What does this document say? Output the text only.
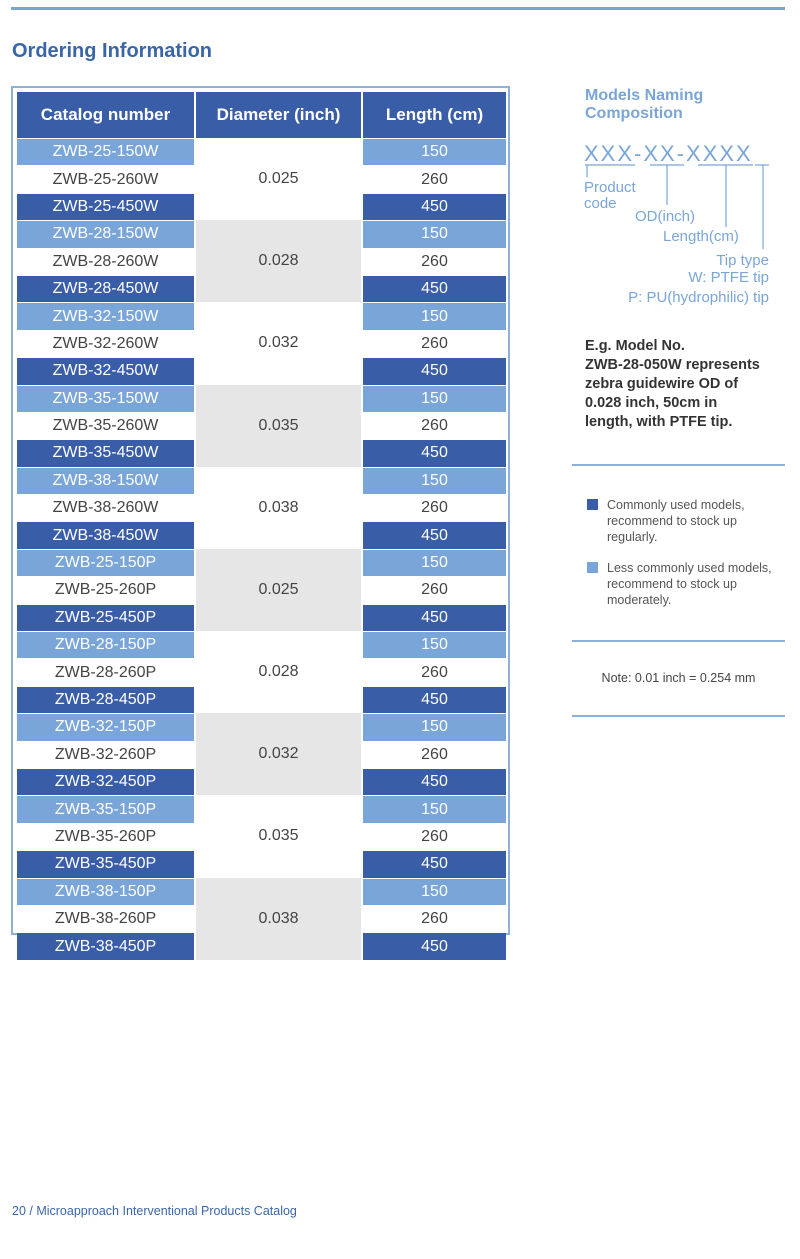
Ordering Information
Catalog number	Diameter (inch)	Length (cm)
ZWB-25-150W	0.025	150
ZWB-25-260W		260
ZWB-25-450W		450
ZWB-28-150W	0.028	150
ZWB-28-260W		260
ZWB-28-450W		450
ZWB-32-150W	0.032	150
ZWB-32-260W		260
ZWB-32-450W		450
ZWB-35-150W	0.035	150
ZWB-35-260W		260
ZWB-35-450W		450
ZWB-38-150W	0.038	150
ZWB-38-260W		260
ZWB-38-450W		450
ZWB-25-150P	0.025	150
ZWB-25-260P		260
ZWB-25-450P		450
ZWB-28-150P	0.028	150
ZWB-28-260P		260
ZWB-28-450P		450
ZWB-32-150P	0.032	150
ZWB-32-260P		260
ZWB-32-450P		450
ZWB-35-150P	0.035	150
ZWB-35-260P		260
ZWB-35-450P		450
ZWB-38-150P	0.038	150
ZWB-38-260P		260
ZWB-38-450P		450
Models Naming
Composition
XXX-XX-XXXX
Product
code
OD(inch)
Length(cm)
Tip type
W: PTFE tip
P: PU(hydrophilic) tip
E.g. Model No.
ZWB-28-050W represents
zebra guidewire OD of
0.028 inch, 50cm in
length, with PTFE tip.
Commonly used models, recommend to stock up regularly.
Less commonly used models, recommend to stock up moderately.
Note: 0.01 inch = 0.254 mm
20 / Microapproach Interventional Products Catalog
